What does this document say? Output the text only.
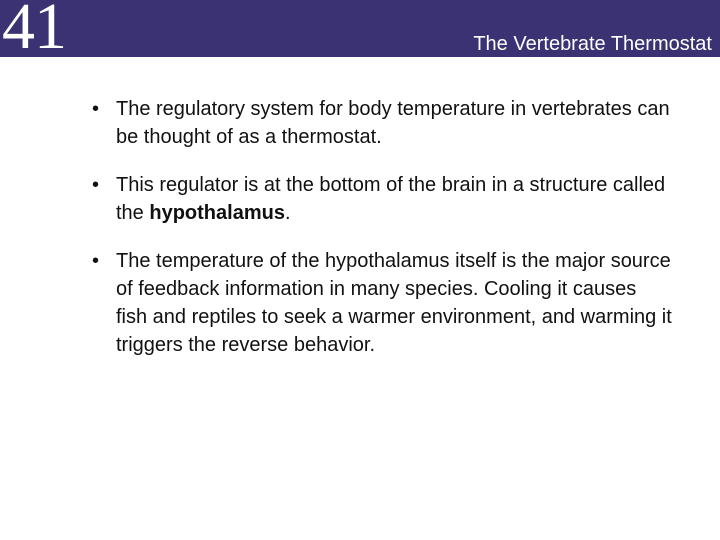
41	The Vertebrate Thermostat
• The regulatory system for body temperature in vertebrates can be thought of as a thermostat.
• This regulator is at the bottom of the brain in a structure called the hypothalamus.
• The temperature of the hypothalamus itself is the major source of feedback information in many species. Cooling it causes fish and reptiles to seek a warmer environment, and warming it triggers the reverse behavior.
